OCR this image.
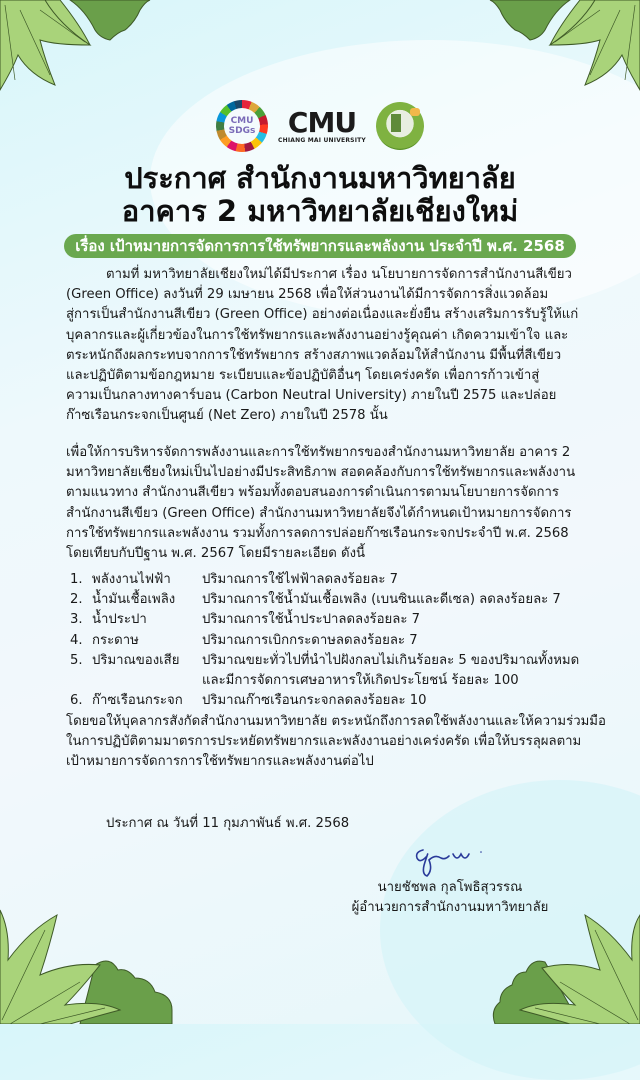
CMU
SDGs CMU
CHIANG MAI UNIVERSITY
ประกาศ สำนักงานมหาวิทยาลัย
อาคาร 2 มหาวิทยาลัยเชียงใหม่
เรื่อง เป้าหมายการจัดการการใช้ทรัพยากรและพลังงาน ประจำปี พ.ศ. 2568
ตามที่ มหาวิทยาลัยเชียงใหม่ได้มีประกาศ เรื่อง นโยบายการจัดการสำนักงานสีเขียว
(Green Office) ลงวันที่ 29 เมษายน 2568 เพื่อให้ส่วนงานได้มีการจัดการสิ่งแวดล้อม
สู่การเป็นสำนักงานสีเขียว (Green Office) อย่างต่อเนื่องและยั่งยืน สร้างเสริมการรับรู้ให้แก่
บุคลากรและผู้เกี่ยวข้องในการใช้ทรัพยากรและพลังงานอย่างรู้คุณค่า เกิดความเข้าใจ และ
ตระหนักถึงผลกระทบจากการใช้ทรัพยากร สร้างสภาพแวดล้อมให้สำนักงาน มีพื้นที่สีเขียว
และปฏิบัติตามข้อกฎหมาย ระเบียบและข้อปฏิบัติอื่นๆ โดยเคร่งครัด เพื่อการก้าวเข้าสู่
ความเป็นกลางทางคาร์บอน (Carbon Neutral University) ภายในปี 2575 และปล่อย
ก๊าซเรือนกระจกเป็นศูนย์ (Net Zero) ภายในปี 2578 นั้น
เพื่อให้การบริหารจัดการพลังงานและการใช้ทรัพยากรของสำนักงานมหาวิทยาลัย อาคาร 2
มหาวิทยาลัยเชียงใหม่เป็นไปอย่างมีประสิทธิภาพ สอดคล้องกับการใช้ทรัพยากรและพลังงาน
ตามแนวทาง สำนักงานสีเขียว พร้อมทั้งตอบสนองการดำเนินการตามนโยบายการจัดการ
สำนักงานสีเขียว (Green Office) สำนักงานมหาวิทยาลัยจึงได้กำหนดเป้าหมายการจัดการ
การใช้ทรัพยากรและพลังงาน รวมทั้งการลดการปล่อยก๊าซเรือนกระจกประจำปี พ.ศ. 2568
โดยเทียบกับปีฐาน พ.ศ. 2567 โดยมีรายละเอียด ดังนี้
1. พลังงานไฟฟ้า	ปริมาณการใช้ไฟฟ้าลดลงร้อยละ 7
2. น้ำมันเชื้อเพลิง	ปริมาณการใช้น้ำมันเชื้อเพลิง (เบนซินและดีเซล) ลดลงร้อยละ 7
3. น้ำประปา	ปริมาณการใช้น้ำประปาลดลงร้อยละ 7
4. กระดาษ	ปริมาณการเบิกกระดาษลดลงร้อยละ 7
5. ปริมาณของเสีย	ปริมาณขยะทั่วไปที่นำไปฝังกลบไม่เกินร้อยละ 5 ของปริมาณทั้งหมด
และมีการจัดการเศษอาหารให้เกิดประโยชน์ ร้อยละ 100
6. ก๊าซเรือนกระจก	ปริมาณก๊าซเรือนกระจกลดลงร้อยละ 10
โดยขอให้บุคลากรสังกัดสำนักงานมหาวิทยาลัย ตระหนักถึงการลดใช้พลังงานและให้ความร่วมมือ
ในการปฏิบัติตามมาตรการประหยัดทรัพยากรและพลังงานอย่างเคร่งครัด เพื่อให้บรรลุผลตาม
เป้าหมายการจัดการการใช้ทรัพยากรและพลังงานต่อไป
ประกาศ ณ วันที่ 11 กุมภาพันธ์ พ.ศ. 2568
นายชัชพล กุลโพธิสุวรรณ
ผู้อำนวยการสำนักงานมหาวิทยาลัย
